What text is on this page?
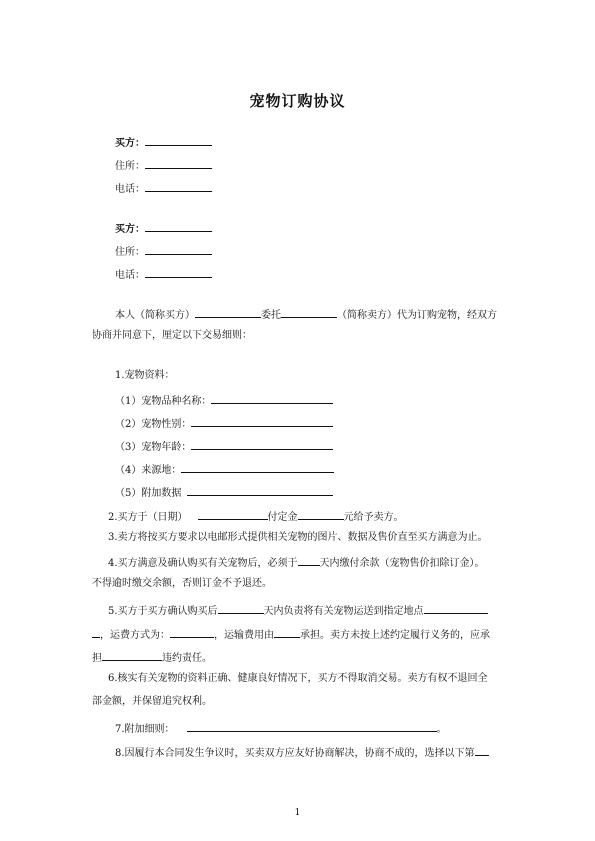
宠物订购协议
买方：
住所：
电话：
买方：
住所：
电话：
本人（简称买方）	委托	（简称卖方）代为订购宠物，经双方
协商并同意下，厘定以下交易细则：
1.宠物资料：
（1）宠物品种名称：
（2）宠物性别：
（3）宠物年龄：
（4）来源地：
（5）附加数据
2.买方于（日期）	付定金	元给予卖方。
3.卖方将按买方要求以电邮形式提供相关宠物的图片、数据及售价直至买方满意为止。
4.买方满意及确认购买有关宠物后，必须于 天内缴付余款（宠物售价扣除订金）。
不得逾时缴交余额，否则订金不予退还。
5.买方于买方确认购买后	天内负责将有关宠物运送到指定地点
，运费方式为：	，运输费用由	承担。卖方未按上述约定履行义务的，应承
担	违约责任。
6.核实有关宠物的资料正确、健康良好情况下，买方不得取消交易。卖方有权不退回全
部金额，并保留追究权利。
7.附加细则：	。
8.因履行本合同发生争议时，买卖双方应友好协商解决，协商不成的，选择以下第
1
